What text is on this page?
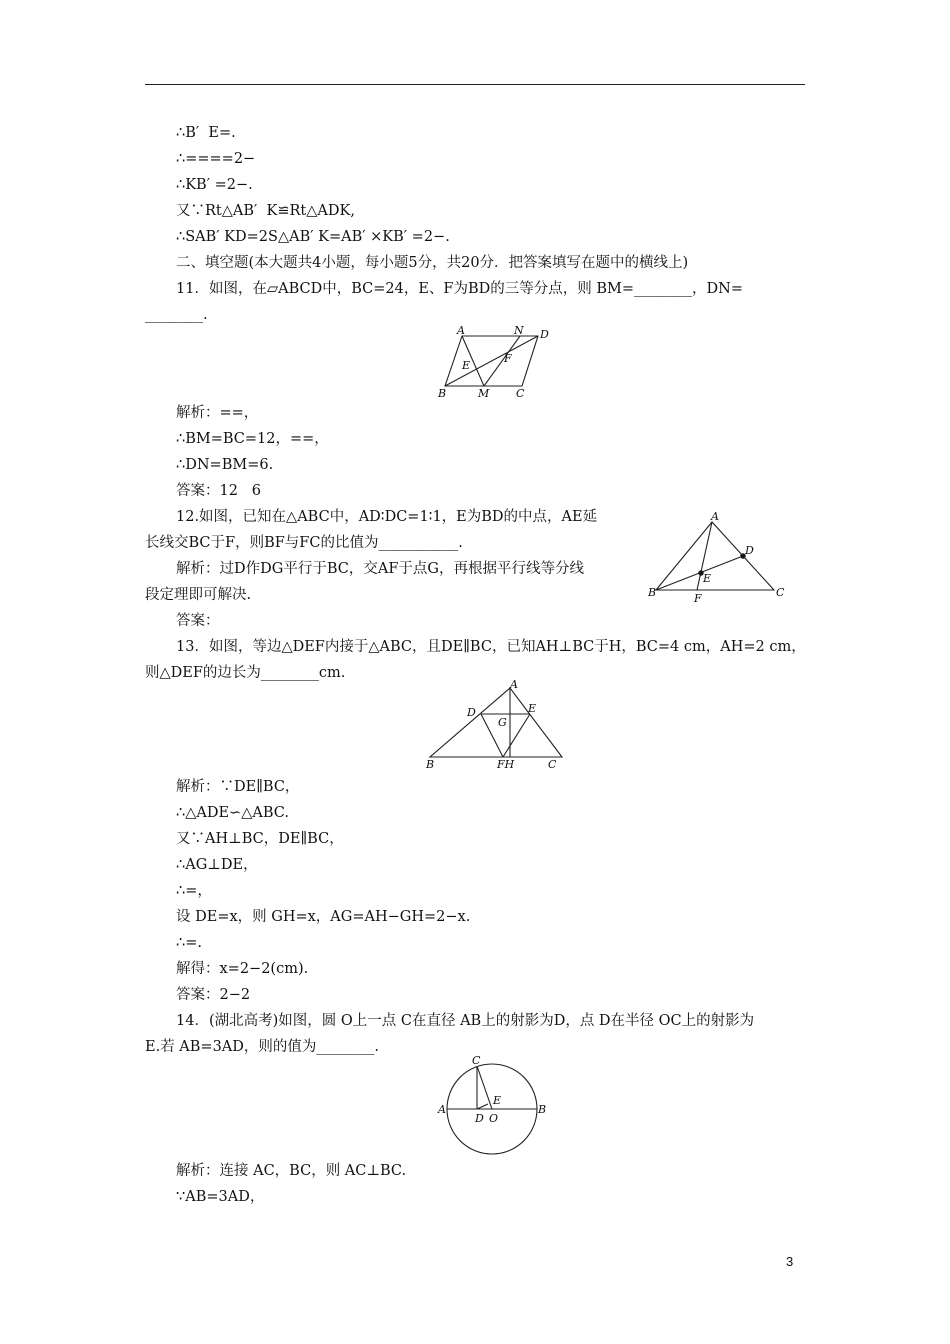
∴B′  E=.
∴====2−
∴KB′ =2−.
又∵Rt△AB′  K≌Rt△ADK,
∴SAB′ KD=2S△AB′ K=AB′ ×KB′ =2−.
二、填空题(本大题共4小题，每小题5分，共20分．把答案填写在题中的横线上)
11．如图，在▱ABCD中，BC=24，E、F为BD的三等分点，则 BM=________，DN=
________.
A	N D
E
F
B	M C
解析：==，
∴BM=BC=12，==，
∴DN=BM=6.
答案：12   6
12.如图，已知在△ABC中，AD∶DC=1∶1，E为BD的中点，AE延
长线交BC于F，则BF与FC的比值为___________.
解析：过D作DG平行于BC，交AF于点G，再根据平行线等分线
段定理即可解决.
答案：
A
D
E
B	F	C
13．如图，等边△DEF内接于△ABC，且DE∥BC，已知AH⊥BC于H，BC=4 cm，AH=2 cm，
则△DEF的边长为________cm.
A
D	E
G
B	FH	C
解析：∵DE∥BC，
∴△ADE∽△ABC.
又∵AH⊥BC，DE∥BC，
∴AG⊥DE，
∴=，
设 DE=x，则 GH=x，AG=AH−GH=2−x.
∴=.
解得：x=2−2(cm).
答案：2−2
14．(湖北高考)如图，圆 O上一点 C在直径 AB上的射影为D，点 D在半径 OC上的射影为
E.若 AB=3AD，则的值为________.
C
E
A
D O
B
解析：连接 AC，BC，则 AC⊥BC.
∵AB=3AD，
3
